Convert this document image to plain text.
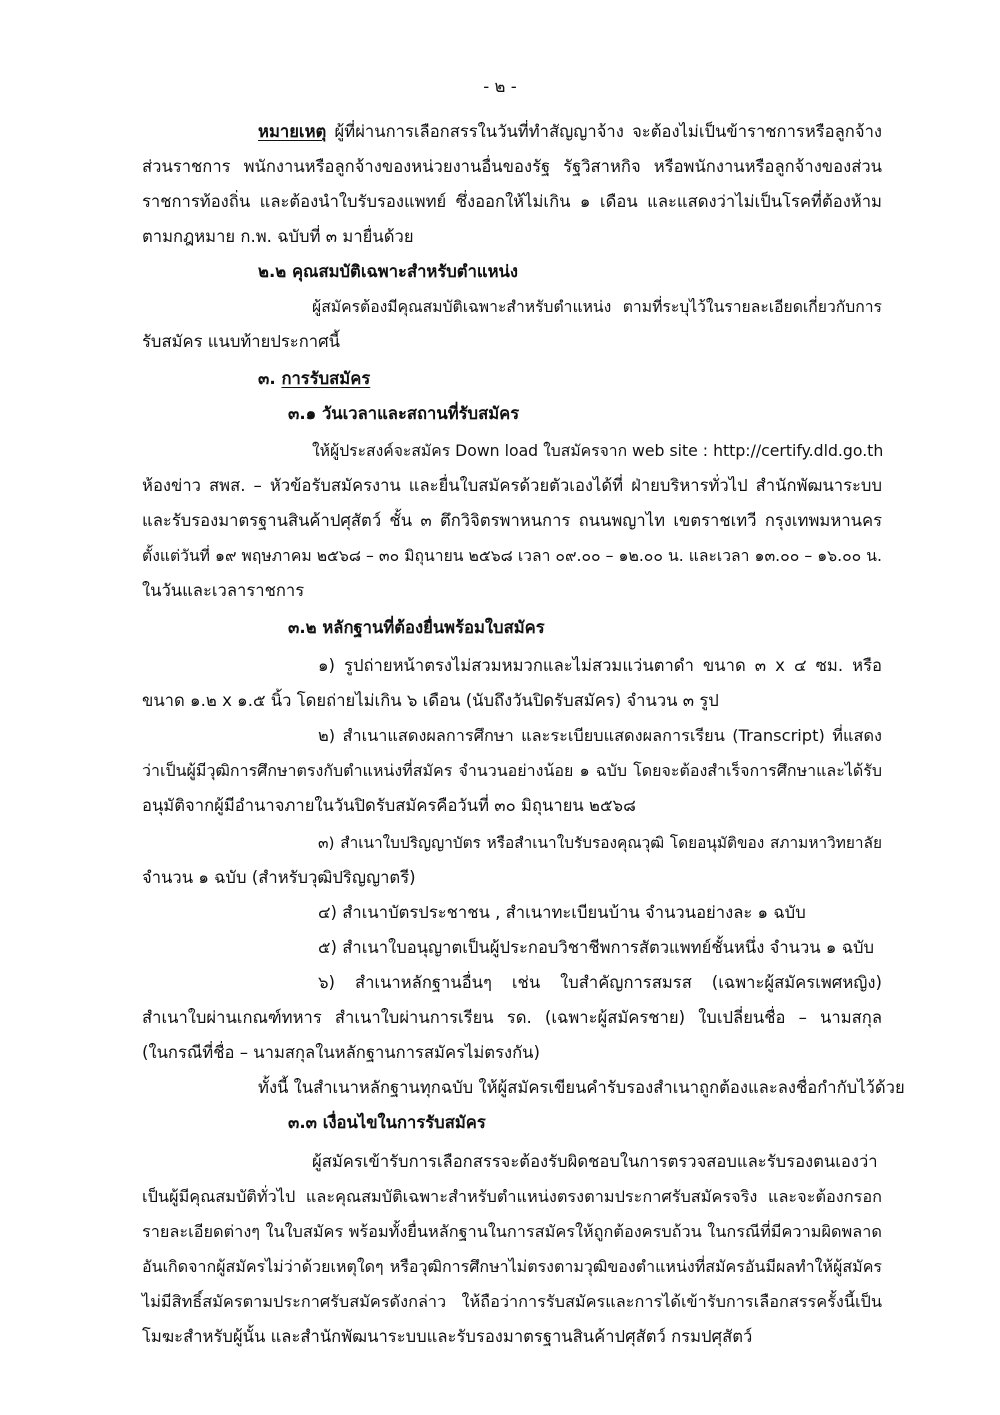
- ๒ -
หมายเหตุ ผู้ที่ผ่านการเลือกสรรในวันที่ทำสัญญาจ้าง จะต้องไม่เป็นข้าราชการหรือลูกจ้าง
ส่วนราชการ พนักงานหรือลูกจ้างของหน่วยงานอื่นของรัฐ รัฐวิสาหกิจ หรือพนักงานหรือลูกจ้างของส่วน
ราชการท้องถิ่น และต้องนำใบรับรองแพทย์ ซึ่งออกให้ไม่เกิน ๑ เดือน และแสดงว่าไม่เป็นโรคที่ต้องห้าม
ตามกฎหมาย ก.พ. ฉบับที่ ๓ มายื่นด้วย
๒.๒ คุณสมบัติเฉพาะสำหรับตำแหน่ง
ผู้สมัครต้องมีคุณสมบัติเฉพาะสำหรับตำแหน่ง ตามที่ระบุไว้ในรายละเอียดเกี่ยวกับการ
รับสมัคร แนบท้ายประกาศนี้
๓. การรับสมัคร
๓.๑ วันเวลาและสถานที่รับสมัคร
ให้ผู้ประสงค์จะสมัคร Down load ใบสมัครจาก web site : http://certify.dld.go.th
ห้องข่าว สพส. – หัวข้อรับสมัครงาน และยื่นใบสมัครด้วยตัวเองได้ที่ ฝ่ายบริหารทั่วไป สำนักพัฒนาระบบ
และรับรองมาตรฐานสินค้าปศุสัตว์ ชั้น ๓ ตึกวิจิตรพาหนการ ถนนพญาไท เขตราชเทวี กรุงเทพมหานคร
ตั้งแต่วันที่ ๑๙ พฤษภาคม ๒๕๖๘ – ๓๐ มิถุนายน ๒๕๖๘ เวลา ๐๙.๐๐ – ๑๒.๐๐ น. และเวลา ๑๓.๐๐ – ๑๖.๐๐ น.
ในวันและเวลาราชการ
๓.๒ หลักฐานที่ต้องยื่นพร้อมใบสมัคร
๑) รูปถ่ายหน้าตรงไม่สวมหมวกและไม่สวมแว่นตาดำ ขนาด ๓ x ๔ ซม. หรือ
ขนาด ๑.๒ x ๑.๕ นิ้ว โดยถ่ายไม่เกิน ๖ เดือน (นับถึงวันปิดรับสมัคร) จำนวน ๓ รูป
๒) สำเนาแสดงผลการศึกษา และระเบียบแสดงผลการเรียน (Transcript) ที่แสดง
ว่าเป็นผู้มีวุฒิการศึกษาตรงกับตำแหน่งที่สมัคร จำนวนอย่างน้อย ๑ ฉบับ โดยจะต้องสำเร็จการศึกษาและได้รับ
อนุมัติจากผู้มีอำนาจภายในวันปิดรับสมัครคือวันที่ ๓๐ มิถุนายน ๒๕๖๘
๓) สำเนาใบปริญญาบัตร หรือสำเนาใบรับรองคุณวุฒิ โดยอนุมัติของ สภามหาวิทยาลัย
จำนวน ๑ ฉบับ (สำหรับวุฒิปริญญาตรี)
๔) สำเนาบัตรประชาชน , สำเนาทะเบียนบ้าน จำนวนอย่างละ ๑ ฉบับ
๕) สำเนาใบอนุญาตเป็นผู้ประกอบวิชาชีพการสัตวแพทย์ชั้นหนึ่ง จำนวน ๑ ฉบับ
๖) สำเนาหลักฐานอื่นๆ เช่น ใบสำคัญการสมรส (เฉพาะผู้สมัครเพศหญิง)
สำเนาใบผ่านเกณฑ์ทหาร สำเนาใบผ่านการเรียน รด. (เฉพาะผู้สมัครชาย) ใบเปลี่ยนชื่อ – นามสกุล
(ในกรณีที่ชื่อ – นามสกุลในหลักฐานการสมัครไม่ตรงกัน)
ทั้งนี้ ในสำเนาหลักฐานทุกฉบับ ให้ผู้สมัครเขียนคำรับรองสำเนาถูกต้องและลงชื่อกำกับไว้ด้วย
๓.๓ เงื่อนไขในการรับสมัคร
ผู้สมัครเข้ารับการเลือกสรรจะต้องรับผิดชอบในการตรวจสอบและรับรองตนเองว่า
เป็นผู้มีคุณสมบัติทั่วไป และคุณสมบัติเฉพาะสำหรับตำแหน่งตรงตามประกาศรับสมัครจริง และจะต้องกรอก
รายละเอียดต่างๆ ในใบสมัคร พร้อมทั้งยื่นหลักฐานในการสมัครให้ถูกต้องครบถ้วน ในกรณีที่มีความผิดพลาด
อันเกิดจากผู้สมัครไม่ว่าด้วยเหตุใดๆ หรือวุฒิการศึกษาไม่ตรงตามวุฒิของตำแหน่งที่สมัครอันมีผลทำให้ผู้สมัคร
ไม่มีสิทธิ์สมัครตามประกาศรับสมัครดังกล่าว ให้ถือว่าการรับสมัครและการได้เข้ารับการเลือกสรรครั้งนี้เป็น
โมฆะสำหรับผู้นั้น และสำนักพัฒนาระบบและรับรองมาตรฐานสินค้าปศุสัตว์ กรมปศุสัตว์
